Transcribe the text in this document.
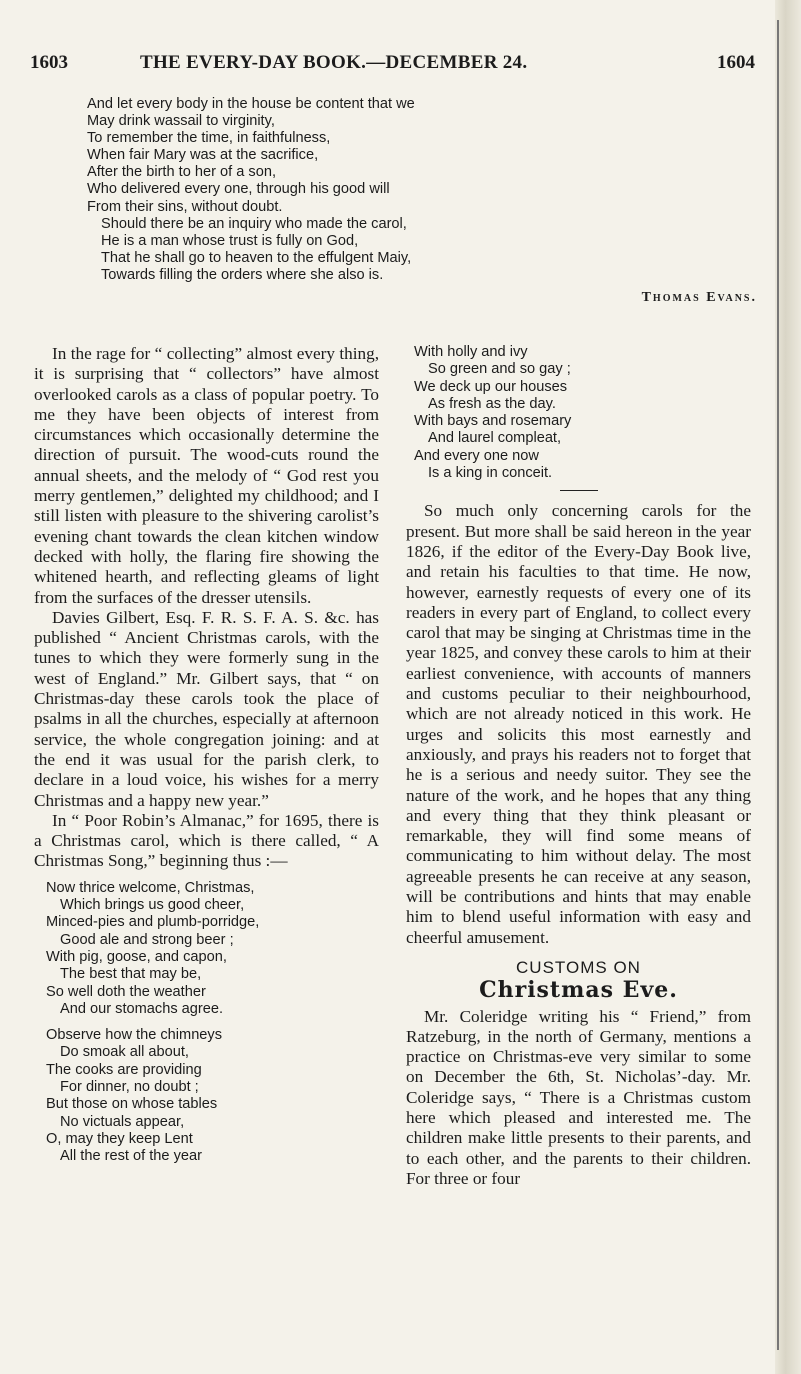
1603	THE EVERY-DAY BOOK.—DECEMBER 24.	1604
And let every body in the house be content that we
May drink wassail to virginity,
To remember the time, in faithfulness,
When fair Mary was at the sacrifice,
After the birth to her of a son,
Who delivered every one, through his good will
From their sins, without doubt.
Should there be an inquiry who made the carol,
He is a man whose trust is fully on God,
That he shall go to heaven to the effulgent Maiy,
Towards filling the orders where she also is.
Thomas Evans.

In the rage for “ collecting” almost every thing, it is surprising that “ collectors” have almost overlooked carols as a class of popular poetry. To me they have been objects of interest from circumstances which occasionally determine the direction of pursuit. The wood-cuts round the annual sheets, and the melody of “ God rest you merry gentlemen,” delighted my childhood; and I still listen with pleasure to the shivering carolist’s evening chant towards the clean kitchen window decked with holly, the flaring fire showing the whitened hearth, and reflecting gleams of light from the surfaces of the dresser utensils.

Davies Gilbert, Esq. F. R. S. F. A. S. &c. has published “ Ancient Christmas carols, with the tunes to which they were formerly sung in the west of England.” Mr. Gilbert says, that “ on Christmas-day these carols took the place of psalms in all the churches, especially at afternoon service, the whole congregation joining: and at the end it was usual for the parish clerk, to declare in a loud voice, his wishes for a merry Christmas and a happy new year.”

In “ Poor Robin’s Almanac,” for 1695, there is a Christmas carol, which is there called, “ A Christmas Song,” beginning thus :—

Now thrice welcome, Christmas,
Which brings us good cheer,
Minced-pies and plumb-porridge,
Good ale and strong beer ;
With pig, goose, and capon,
The best that may be,
So well doth the weather
And our stomachs agree.
Observe how the chimneys
Do smoak all about,
The cooks are providing
For dinner, no doubt ;
But those on whose tables
No victuals appear,
O, may they keep Lent
All the rest of the year
With holly and ivy
So green and so gay ;
We deck up our houses
As fresh as the day.
With bays and rosemary
And laurel compleat,
And every one now
Is a king in conceit.

So much only concerning carols for the present. But more shall be said hereon in the year 1826, if the editor of the Every-Day Book live, and retain his faculties to that time. He now, however, earnestly requests of every one of its readers in every part of England, to collect every carol that may be singing at Christmas time in the year 1825, and convey these carols to him at their earliest convenience, with accounts of manners and customs peculiar to their neighbourhood, which are not already noticed in this work. He urges and solicits this most earnestly and anxiously, and prays his readers not to forget that he is a serious and needy suitor. They see the nature of the work, and he hopes that any thing and every thing that they think pleasant or remarkable, they will find some means of communicating to him without delay. The most agreeable presents he can receive at any season, will be contributions and hints that may enable him to blend useful information with easy and cheerful amusement.

CUSTOMS ON
Christmas Eve.

Mr. Coleridge writing his “ Friend,” from Ratzeburg, in the north of Germany, mentions a practice on Christmas-eve very similar to some on December the 6th, St. Nicholas’-day. Mr. Coleridge says, “ There is a Christmas custom here which pleased and interested me. The children make little presents to their parents, and to each other, and the parents to their children. For three or four
